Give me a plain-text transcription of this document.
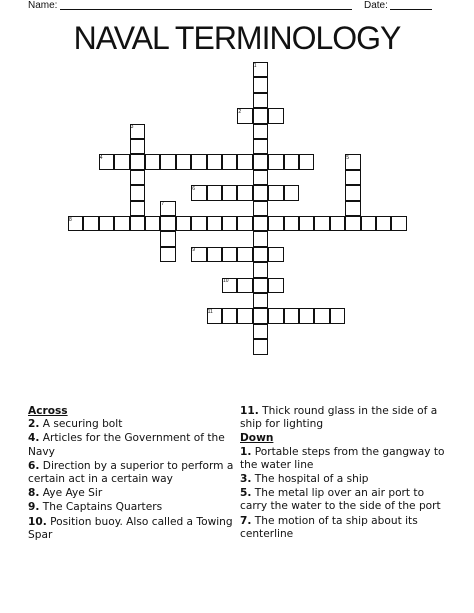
Name:	Date:
NAVAL TERMINOLOGY
1
2
3
4	5
6
7
8
9
10
11
Across
2. A securing bolt
4. Articles for the Government of the Navy
6. Direction by a superior to perform a certain act in a certain way
8. Aye Aye Sir
9. The Captains Quarters
10. Position buoy. Also called a Towing Spar
11. Thick round glass in the side of a ship for lighting
Down
1. Portable steps from the gangway to the water line
3. The hospital of a ship
5. The metal lip over an air port to carry the water to the side of the port
7. The motion of ta ship about its centerline
